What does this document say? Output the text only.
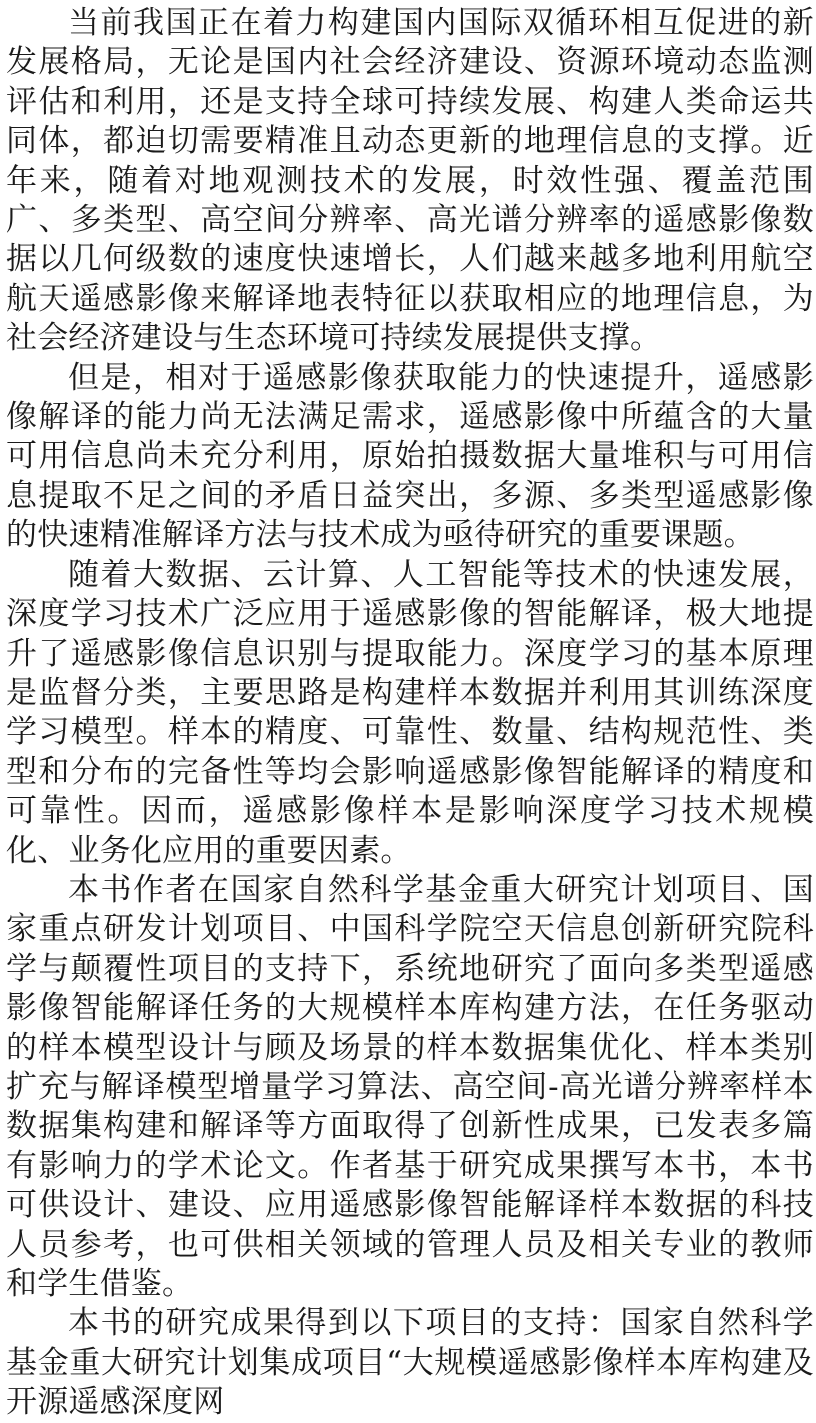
当前我国正在着力构建国内国际双循环相互促进的新发展格局，无论是国内社会经济建设、资源环境动态监测评估和利用，还是支持全球可持续发展、构建人类命运共同体，都迫切需要精准且动态更新的地理信息的支撑。近年来，随着对地观测技术的发展，时效性强、覆盖范围广、多类型、高空间分辨率、高光谱分辨率的遥感影像数据以几何级数的速度快速增长，人们越来越多地利用航空航天遥感影像来解译地表特征以获取相应的地理信息，为社会经济建设与生态环境可持续发展提供支撑。

但是，相对于遥感影像获取能力的快速提升，遥感影像解译的能力尚无法满足需求，遥感影像中所蕴含的大量可用信息尚未充分利用，原始拍摄数据大量堆积与可用信息提取不足之间的矛盾日益突出，多源、多类型遥感影像的快速精准解译方法与技术成为亟待研究的重要课题。

随着大数据、云计算、人工智能等技术的快速发展，深度学习技术广泛应用于遥感影像的智能解译，极大地提升了遥感影像信息识别与提取能力。深度学习的基本原理是监督分类，主要思路是构建样本数据并利用其训练深度学习模型。样本的精度、可靠性、数量、结构规范性、类型和分布的完备性等均会影响遥感影像智能解译的精度和可靠性。因而，遥感影像样本是影响深度学习技术规模化、业务化应用的重要因素。

本书作者在国家自然科学基金重大研究计划项目、国家重点研发计划项目、中国科学院空天信息创新研究院科学与颠覆性项目的支持下，系统地研究了面向多类型遥感影像智能解译任务的大规模样本库构建方法，在任务驱动的样本模型设计与顾及场景的样本数据集优化、样本类别扩充与解译模型增量学习算法、高空间-高光谱分辨率样本数据集构建和解译等方面取得了创新性成果，已发表多篇有影响力的学术论文。作者基于研究成果撰写本书，本书可供设计、建设、应用遥感影像智能解译样本数据的科技人员参考，也可供相关领域的管理人员及相关专业的教师和学生借鉴。

本书的研究成果得到以下项目的支持：国家自然科学基金重大研究计划集成项目“大规模遥感影像样本库构建及开源遥感深度网
